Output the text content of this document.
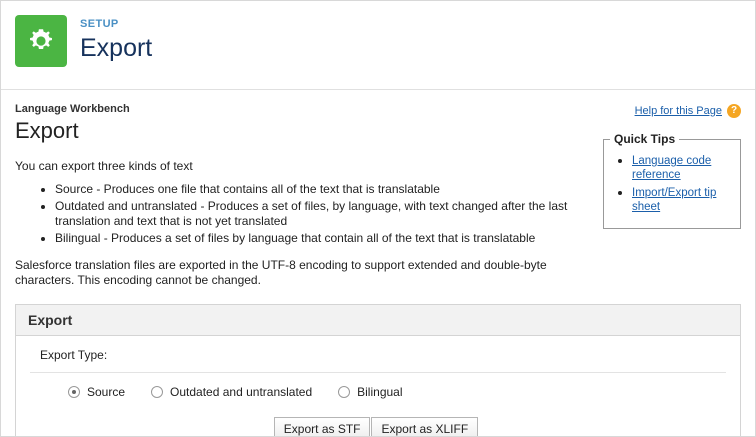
SETUP
Export
Help for this Page ?
Language Workbench
Export
You can export three kinds of text
• Source - Produces one file that contains all of the text that is translatable
• Outdated and untranslated - Produces a set of files, by language, with text changed after the last translation and text that is not yet translated
• Bilingual - Produces a set of files by language that contain all of the text that is translatable
Salesforce translation files are exported in the UTF-8 encoding to support extended and double-byte characters. This encoding cannot be changed.
Quick Tips
• Language code reference
• Import/Export tip sheet
Export
Export Type:
Source	Outdated and untranslated	Bilingual
Export as STF	Export as XLIFF
